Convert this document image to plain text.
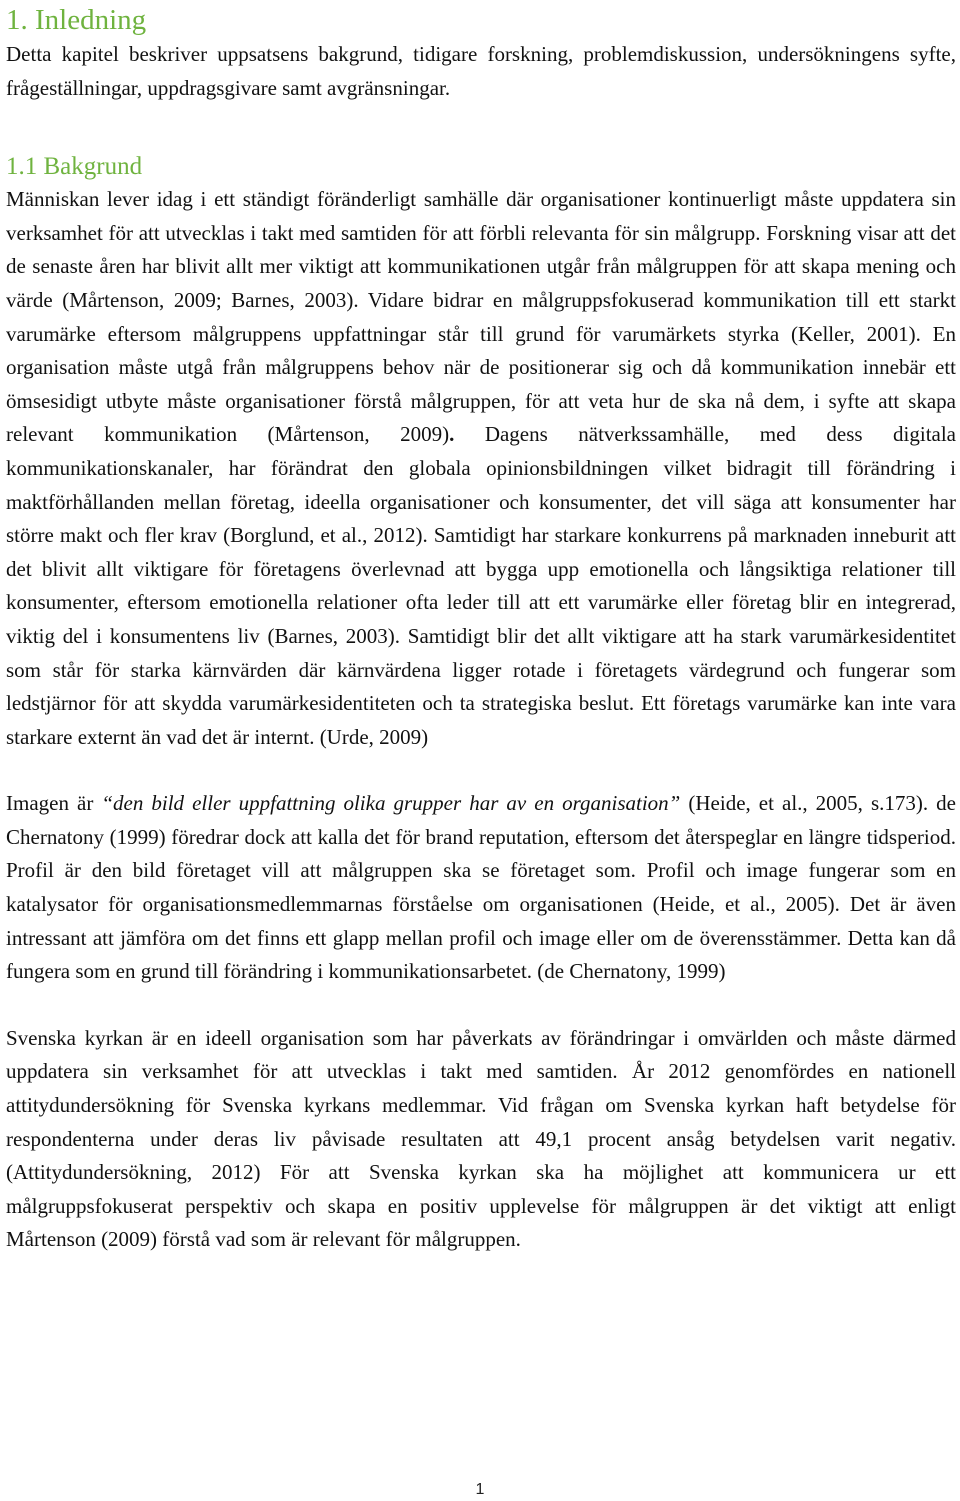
1. Inledning

Detta kapitel beskriver uppsatsens bakgrund, tidigare forskning, problemdiskussion, undersökningens syfte, frågeställningar, uppdragsgivare samt avgränsningar.

1.1 Bakgrund

Människan lever idag i ett ständigt föränderligt samhälle där organisationer kontinuerligt måste uppdatera sin verksamhet för att utvecklas i takt med samtiden för att förbli relevanta för sin målgrupp. Forskning visar att det de senaste åren har blivit allt mer viktigt att kommunikationen utgår från målgruppen för att skapa mening och värde (Mårtenson, 2009; Barnes, 2003). Vidare bidrar en målgruppsfokuserad kommunikation till ett starkt varumärke eftersom målgruppens uppfattningar står till grund för varumärkets styrka (Keller, 2001). En organisation måste utgå från målgruppens behov när de positionerar sig och då kommunikation innebär ett ömsesidigt utbyte måste organisationer förstå målgruppen, för att veta hur de ska nå dem, i syfte att skapa relevant kommunikation (Mårtenson, 2009). Dagens nätverkssamhälle, med dess digitala kommunikationskanaler, har förändrat den globala opinionsbildningen vilket bidragit till förändring i maktförhållanden mellan företag, ideella organisationer och konsumenter, det vill säga att konsumenter har större makt och fler krav (Borglund, et al., 2012). Samtidigt har starkare konkurrens på marknaden inneburit att det blivit allt viktigare för företagens överlevnad att bygga upp emotionella och långsiktiga relationer till konsumenter, eftersom emotionella relationer ofta leder till att ett varumärke eller företag blir en integrerad, viktig del i konsumentens liv (Barnes, 2003). Samtidigt blir det allt viktigare att ha stark varumärkesidentitet som står för starka kärnvärden där kärnvärdena ligger rotade i företagets värdegrund och fungerar som ledstjärnor för att skydda varumärkesidentiteten och ta strategiska beslut. Ett företags varumärke kan inte vara starkare externt än vad det är internt. (Urde, 2009)

Imagen är “den bild eller uppfattning olika grupper har av en organisation” (Heide, et al., 2005, s.173). de Chernatony (1999) föredrar dock att kalla det för brand reputation, eftersom det återspeglar en längre tidsperiod. Profil är den bild företaget vill att målgruppen ska se företaget som. Profil och image fungerar som en katalysator för organisationsmedlemmarnas förståelse om organisationen (Heide, et al., 2005). Det är även intressant att jämföra om det finns ett glapp mellan profil och image eller om de överensstämmer. Detta kan då fungera som en grund till förändring i kommunikationsarbetet. (de Chernatony, 1999)

Svenska kyrkan är en ideell organisation som har påverkats av förändringar i omvärlden och måste därmed uppdatera sin verksamhet för att utvecklas i takt med samtiden. År 2012 genomfördes en nationell attitydundersökning för Svenska kyrkans medlemmar. Vid frågan om Svenska kyrkan haft betydelse för respondenterna under deras liv påvisade resultaten att 49,1 procent ansåg betydelsen varit negativ. (Attitydundersökning, 2012) För att Svenska kyrkan ska ha möjlighet att kommunicera ur ett målgruppsfokuserat perspektiv och skapa en positiv upplevelse för målgruppen är det viktigt att enligt Mårtenson (2009) förstå vad som är relevant för målgruppen.

1
